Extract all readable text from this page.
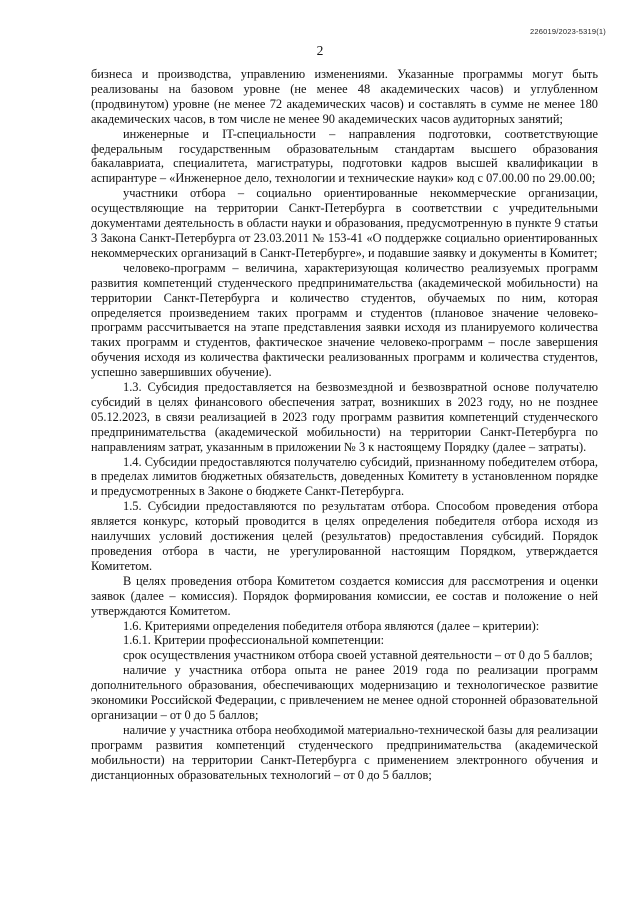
226019/2023-5319(1)
2

бизнеса и производства, управлению изменениями. Указанные программы могут быть реализованы на базовом уровне (не менее 48 академических часов) и углубленном (продвинутом) уровне (не менее 72 академических часов) и составлять в сумме не менее 180 академических часов, в том числе не менее 90 академических часов аудиторных занятий;

инженерные и IT-специальности – направления подготовки, соответствующие федеральным государственным образовательным стандартам высшего образования бакалавриата, специалитета, магистратуры, подготовки кадров высшей квалификации в аспирантуре – «Инженерное дело, технологии и технические науки» код с 07.00.00 по 29.00.00;

участники отбора – социально ориентированные некоммерческие организации, осуществляющие на территории Санкт-Петербурга в соответствии с учредительными документами деятельность в области науки и образования, предусмотренную в пункте 9 статьи 3 Закона Санкт-Петербурга от 23.03.2011 № 153-41 «О поддержке социально ориентированных некоммерческих организаций в Санкт-Петербурге», и подавшие заявку и документы в Комитет;

человеко-программ – величина, характеризующая количество реализуемых программ развития компетенций студенческого предпринимательства (академической мобильности) на территории Санкт-Петербурга и количество студентов, обучаемых по ним, которая определяется произведением таких программ и студентов (плановое значение человеко-программ рассчитывается на этапе представления заявки исходя из планируемого количества таких программ и студентов, фактическое значение человеко-программ – после завершения обучения исходя из количества фактически реализованных программ и количества студентов, успешно завершивших обучение).

1.3. Субсидия предоставляется на безвозмездной и безвозвратной основе получателю субсидий в целях финансового обеспечения затрат, возникших в 2023 году, но не позднее 05.12.2023, в связи реализацией в 2023 году программ развития компетенций студенческого предпринимательства (академической мобильности) на территории Санкт-Петербурга по направлениям затрат, указанным в приложении № 3 к настоящему Порядку (далее – затраты).

1.4. Субсидии предоставляются получателю субсидий, признанному победителем отбора, в пределах лимитов бюджетных обязательств, доведенных Комитету в установленном порядке и предусмотренных в Законе о бюджете Санкт-Петербурга.

1.5. Субсидии предоставляются по результатам отбора. Способом проведения отбора является конкурс, который проводится в целях определения победителя отбора исходя из наилучших условий достижения целей (результатов) предоставления субсидий. Порядок проведения отбора в части, не урегулированной настоящим Порядком, утверждается Комитетом.

В целях проведения отбора Комитетом создается комиссия для рассмотрения и оценки заявок (далее – комиссия). Порядок формирования комиссии, ее состав и положение о ней утверждаются Комитетом.

1.6. Критериями определения победителя отбора являются (далее – критерии):

1.6.1. Критерии профессиональной компетенции:

срок осуществления участником отбора своей уставной деятельности – от 0 до 5 баллов;

наличие у участника отбора опыта не ранее 2019 года по реализации программ дополнительного образования, обеспечивающих модернизацию и технологическое развитие экономики Российской Федерации, с привлечением не менее одной сторонней образовательной организации – от 0 до 5 баллов;

наличие у участника отбора необходимой материально-технической базы для реализации программ развития компетенций студенческого предпринимательства (академической мобильности) на территории Санкт-Петербурга с применением электронного обучения и дистанционных образовательных технологий – от 0 до 5 баллов;
